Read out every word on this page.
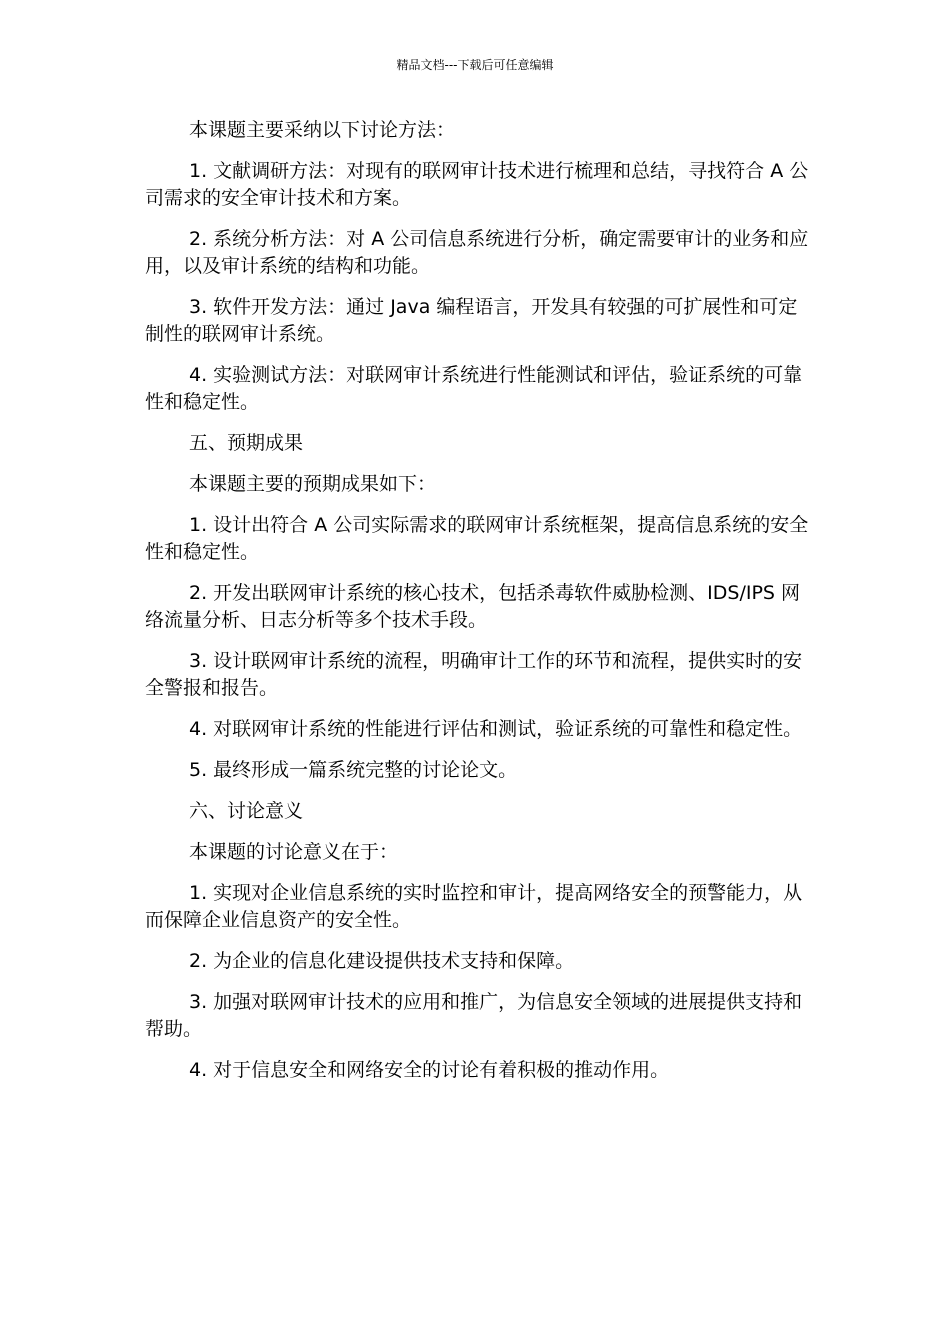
精品文档---下载后可任意编辑

本课题主要采纳以下讨论方法：

1. 文献调研方法：对现有的联网审计技术进行梳理和总结，寻找符合 A 公司需求的安全审计技术和方案。

2. 系统分析方法：对 A 公司信息系统进行分析，确定需要审计的业务和应用，以及审计系统的结构和功能。

3. 软件开发方法：通过 Java 编程语言，开发具有较强的可扩展性和可定制性的联网审计系统。

4. 实验测试方法：对联网审计系统进行性能测试和评估，验证系统的可靠性和稳定性。

五、预期成果

本课题主要的预期成果如下：

1. 设计出符合 A 公司实际需求的联网审计系统框架，提高信息系统的安全性和稳定性。

2. 开发出联网审计系统的核心技术，包括杀毒软件威胁检测、IDS/IPS 网络流量分析、日志分析等多个技术手段。

3. 设计联网审计系统的流程，明确审计工作的环节和流程，提供实时的安全警报和报告。

4. 对联网审计系统的性能进行评估和测试，验证系统的可靠性和稳定性。

5. 最终形成一篇系统完整的讨论论文。

六、讨论意义

本课题的讨论意义在于：

1. 实现对企业信息系统的实时监控和审计，提高网络安全的预警能力，从而保障企业信息资产的安全性。

2. 为企业的信息化建设提供技术支持和保障。

3. 加强对联网审计技术的应用和推广，为信息安全领域的进展提供支持和帮助。

4. 对于信息安全和网络安全的讨论有着积极的推动作用。
